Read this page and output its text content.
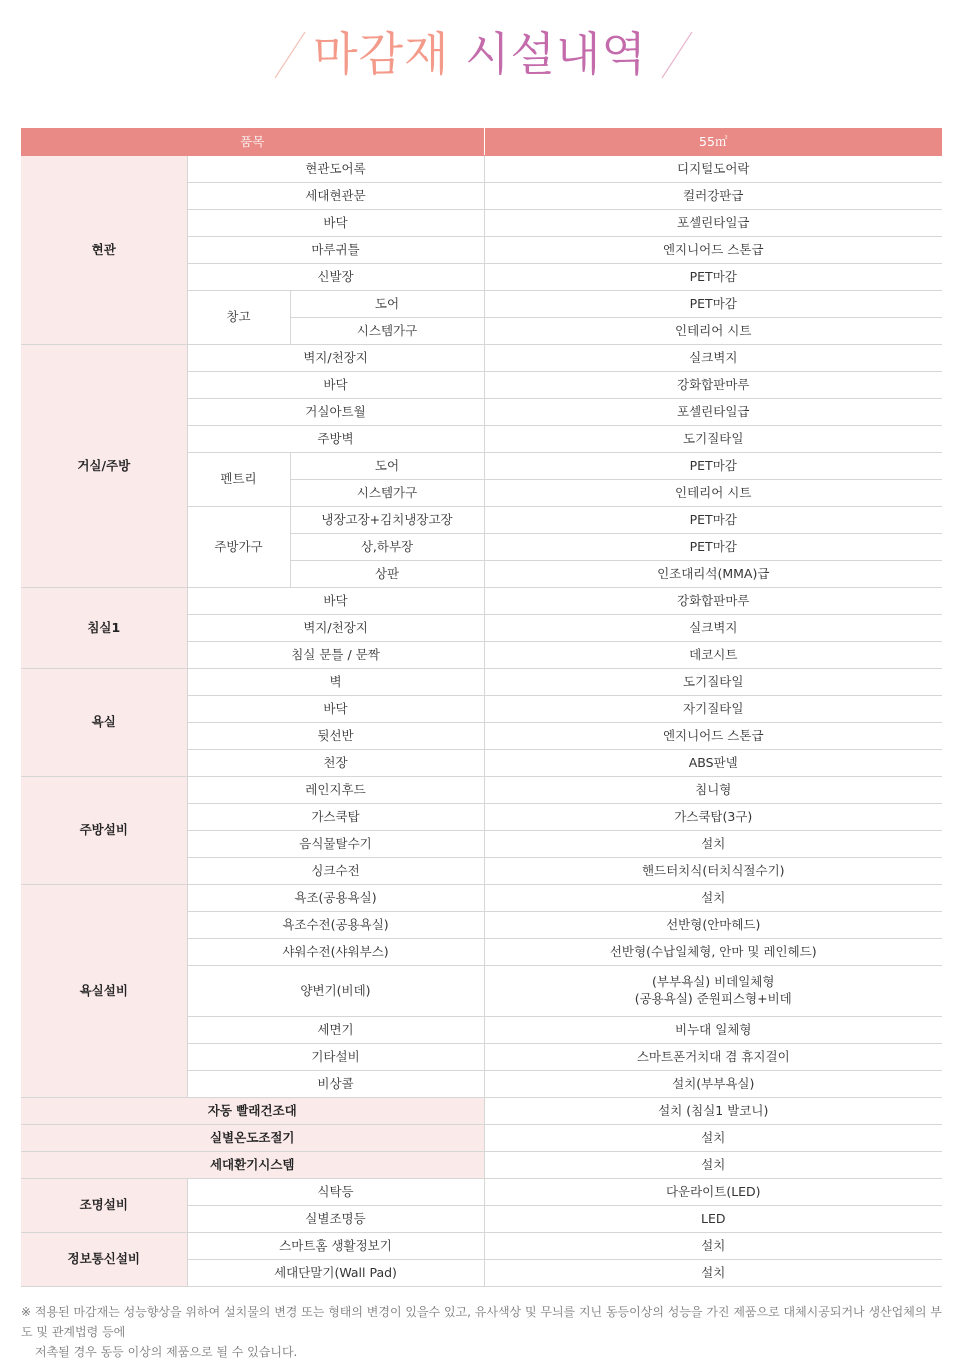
마감재 시설내역
품목			55㎡
현관	현관도어록		디지털도어락
	세대현관문		컬러강판급
	바닥		포셀린타일급
	마루귀틀		엔지니어드 스톤급
	신발장		PET마감
	창고	도어	PET마감
		시스템가구	인테리어 시트
거실/주방	벽지/천장지		실크벽지
	바닥		강화합판마루
	거실아트월		포셀린타일급
	주방벽		도기질타일
	펜트리	도어	PET마감
		시스템가구	인테리어 시트
	주방가구	냉장고장+김치냉장고장	PET마감
		상,하부장	PET마감
		상판	인조대리석(MMA)급
침실1	바닥		강화합판마루
	벽지/천장지		실크벽지
	침실 문틀 / 문짝		데코시트
욕실	벽		도기질타일
	바닥		자기질타일
	뒷선반		엔지니어드 스톤급
	천장		ABS판넬
주방설비	레인지후드		침니형
	가스쿡탑		가스쿡탑(3구)
	음식물탈수기		설치
	싱크수전		핸드터치식(터치식절수기)
욕실설비	욕조(공용욕실)		설치
	욕조수전(공용욕실)		선반형(안마헤드)
	샤워수전(샤워부스)		선반형(수납일체형, 안마 및 레인헤드)
	양변기(비데)		(부부욕실) 비데일체형
(공용욕실) 준원피스형+비데

	세면기		비누대 일체형
	기타설비		스마트폰거치대 겸 휴지걸이
	비상콜		설치(부부욕실)
자동 빨래건조대			설치 (침실1 발코니)
실별온도조절기			설치
세대환기시스템			설치
조명설비	식탁등		다운라이트(LED)
	실별조명등		LED
정보통신설비	스마트홈 생활정보기		설치
	세대단말기(Wall Pad)		설치

※ 적용된 마감재는 성능향상을 위하여 설치물의 변경 또는 형태의 변경이 있을수 있고, 유사색상 및 무늬를 지닌 동등이상의 성능을 가진 제품으로 대체시공되거나 생산업체의 부도 및 관계법령 등에

저촉될 경우 동등 이상의 제품으로 될 수 있습니다.
